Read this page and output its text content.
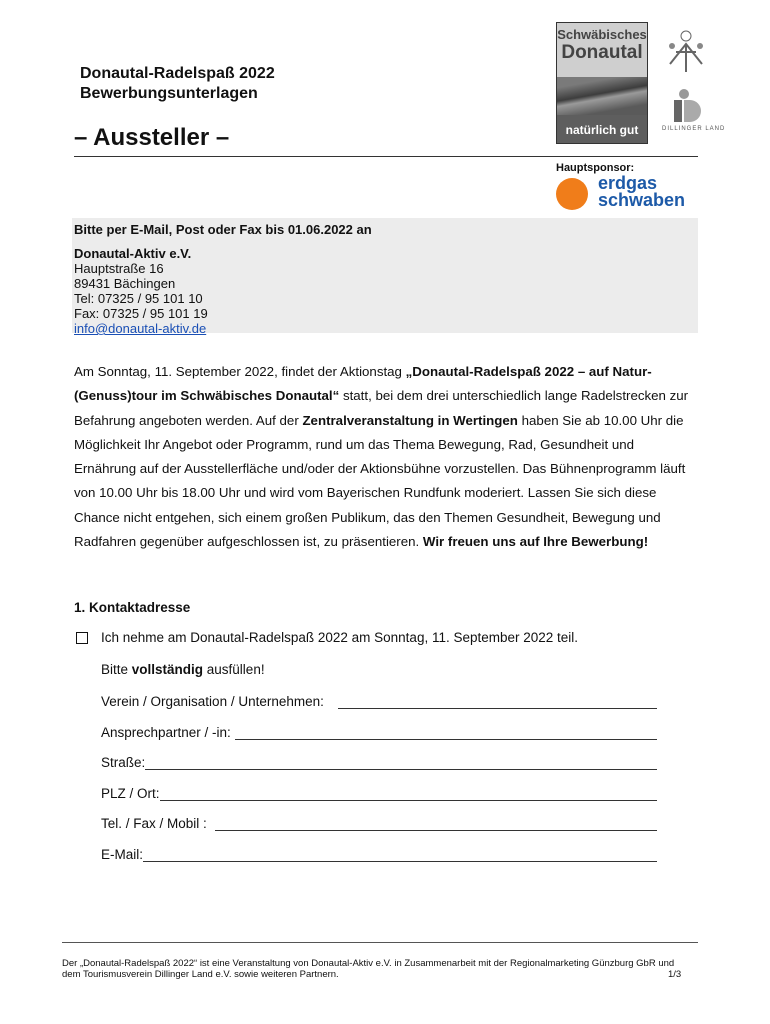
Donautal-Radelspaß 2022
Bewerbungsunterlagen
– Aussteller –
Schwäbisches
Donautal
natürlich gut	DILLINGER LAND
Hauptsponsor:
erdgas
schwaben
Bitte per E-Mail, Post oder Fax bis 01.06.2022 an
Donautal-Aktiv e.V.
Hauptstraße 16
89431 Bächingen
Tel: 07325 / 95 101 10
Fax: 07325 / 95 101 19
info@donautal-aktiv.de
Am Sonntag, 11. September 2022, findet der Aktionstag „Donautal-Radelspaß 2022 – auf Natur-(Genuss)tour im Schwäbisches Donautal“ statt, bei dem drei unterschiedlich lange Radelstrecken zur Befahrung angeboten werden. Auf der Zentralveranstaltung in Wertingen haben Sie ab 10.00 Uhr die Möglichkeit Ihr Angebot oder Programm, rund um das Thema Bewegung, Rad, Gesundheit und Ernährung auf der Ausstellerfläche und/oder der Aktionsbühne vorzustellen. Das Bühnenprogramm läuft von 10.00 Uhr bis 18.00 Uhr und wird vom Bayerischen Rundfunk moderiert. Lassen Sie sich diese Chance nicht entgehen, sich einem großen Publikum, das den Themen Gesundheit, Bewegung und Radfahren gegenüber aufgeschlossen ist, zu präsentieren. Wir freuen uns auf Ihre Bewerbung!
1. Kontaktadresse
Ich nehme am Donautal-Radelspaß 2022 am Sonntag, 11. September 2022 teil.
Bitte vollständig ausfüllen!
Verein / Organisation / Unternehmen:
Ansprechpartner / -in:
Straße:
PLZ / Ort:
Tel. / Fax / Mobil :
E-Mail:
Der „Donautal-Radelspaß 2022“ ist eine Veranstaltung von Donautal-Aktiv e.V. in Zusammenarbeit mit der Regionalmarketing Günzburg GbR und dem Tourismusverein Dillinger Land e.V. sowie weiteren Partnern.	1/3
